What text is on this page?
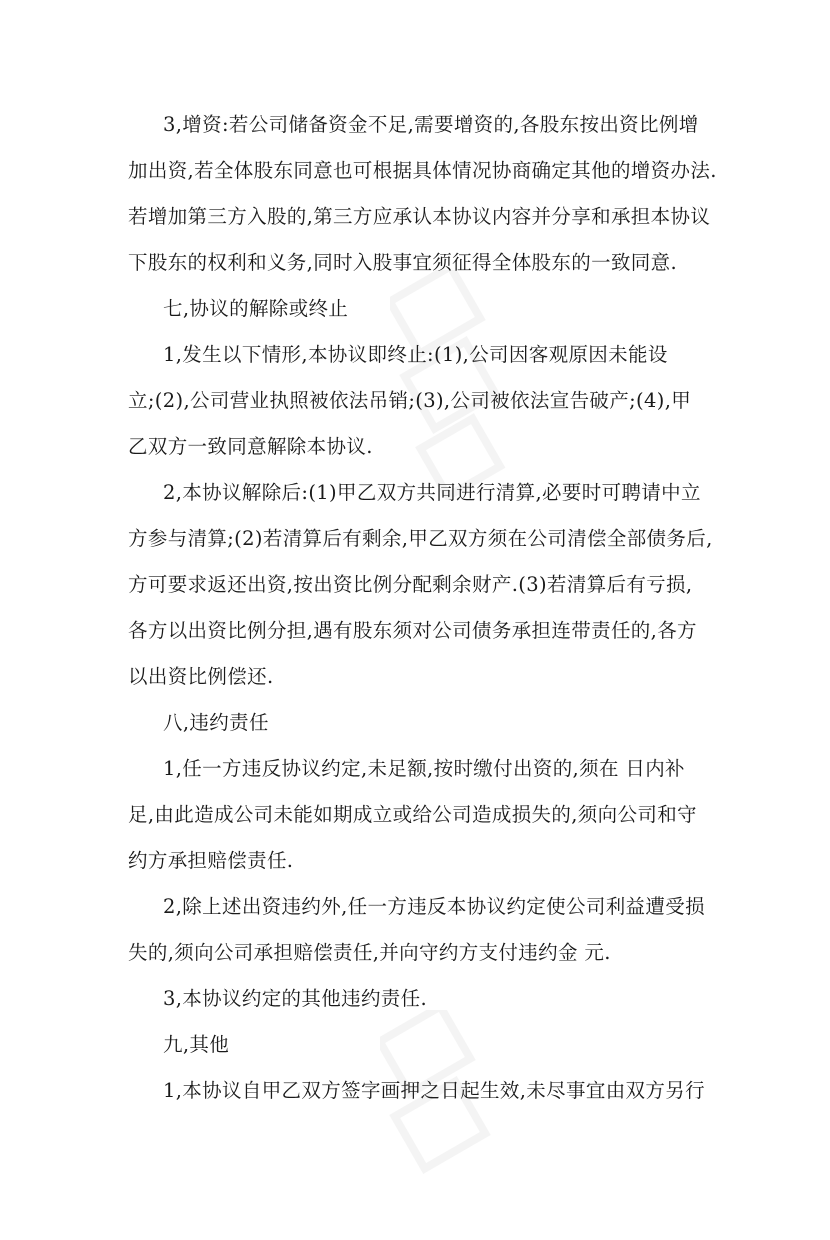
3,增资:若公司储备资金不足,需要增资的,各股东按出资比例增
加出资,若全体股东同意也可根据具体情况协商确定其他的增资办法.
若增加第三方入股的,第三方应承认本协议内容并分享和承担本协议
下股东的权利和义务,同时入股事宜须征得全体股东的一致同意.
七,协议的解除或终止
1,发生以下情形,本协议即终止:(1),公司因客观原因未能设
立;(2),公司营业执照被依法吊销;(3),公司被依法宣告破产;(4),甲
乙双方一致同意解除本协议.
2,本协议解除后:(1)甲乙双方共同进行清算,必要时可聘请中立
方参与清算;(2)若清算后有剩余,甲乙双方须在公司清偿全部债务后,
方可要求返还出资,按出资比例分配剩余财产.(3)若清算后有亏损,
各方以出资比例分担,遇有股东须对公司债务承担连带责任的,各方
以出资比例偿还.
八,违约责任
1,任一方违反协议约定,未足额,按时缴付出资的,须在 日内补
足,由此造成公司未能如期成立或给公司造成损失的,须向公司和守
约方承担赔偿责任.
2,除上述出资违约外,任一方违反本协议约定使公司利益遭受损
失的,须向公司承担赔偿责任,并向守约方支付违约金 元.
3,本协议约定的其他违约责任.
九,其他
1,本协议自甲乙双方签字画押之日起生效,未尽事宜由双方另行
